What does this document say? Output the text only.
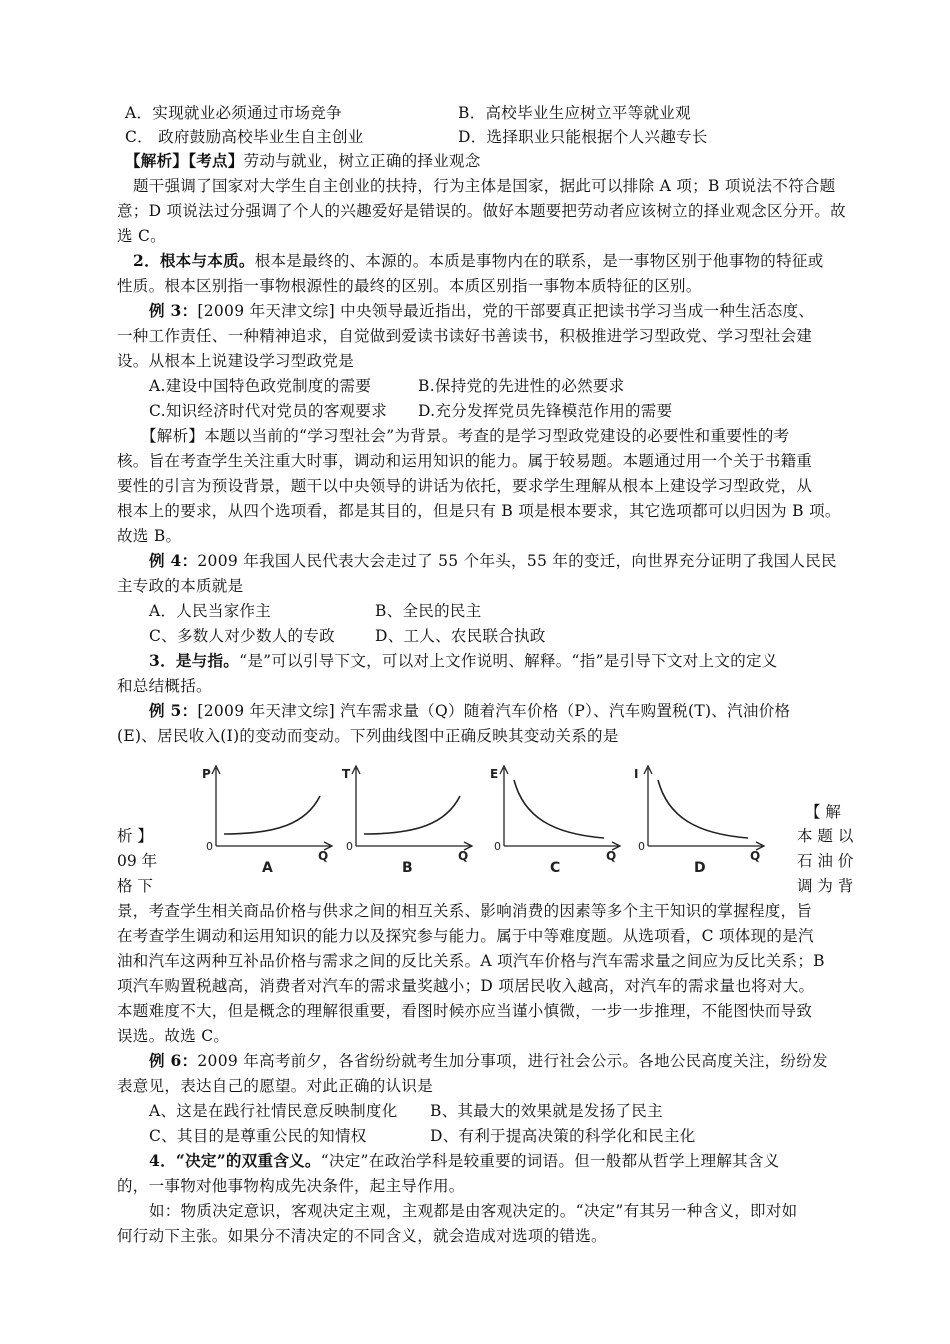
A．实现就业必须通过市场竞争	B．高校毕业生应树立平等就业观
C． 政府鼓励高校毕业生自主创业	D．选择职业只能根据个人兴趣专长
【解析】【考点】劳动与就业，树立正确的择业观念
题干强调了国家对大学生自主创业的扶持，行为主体是国家，据此可以排除 A 项；B 项说法不符合题
意；D 项说法过分强调了个人的兴趣爱好是错误的。做好本题要把劳动者应该树立的择业观念区分开。故
选 C。
2．根本与本质。根本是最终的、本源的。本质是事物内在的联系，是一事物区别于他事物的特征或
性质。根本区别指一事物根源性的最终的区别。本质区别指一事物本质特征的区别。
例 3：[2009 年天津文综] 中央领导最近指出，党的干部要真正把读书学习当成一种生活态度、
一种工作责任、一种精神追求，自觉做到爱读书读好书善读书，积极推进学习型政党、学习型社会建
设。从根本上说建设学习型政党是
A.建设中国特色政党制度的需要	B.保持党的先进性的必然要求
C.知识经济时代对党员的客观要求 D.充分发挥党员先锋模范作用的需要
【解析】本题以当前的“学习型社会”为背景。考查的是学习型政党建设的必要性和重要性的考
核。旨在考查学生关注重大时事，调动和运用知识的能力。属于较易题。本题通过用一个关于书籍重
要性的引言为预设背景，题干以中央领导的讲话为依托，要求学生理解从根本上建设学习型政党，从
根本上的要求，从四个选项看，都是其目的，但是只有 B 项是根本要求，其它选项都可以归因为 B 项。
故选 B。
例 4：2009 年我国人民代表大会走过了 55 个年头，55 年的变迁，向世界充分证明了我国人民民
主专政的本质就是
A．人民当家作主	B、全民的民主
C、多数人对少数人的专政	D、工人、农民联合执政
3．是与指。“是”可以引导下文，可以对上文作说明、解释。“指”是引导下文对上文的定义
和总结概括。
例 5：[2009 年天津文综] 汽车需求量（Q）随着汽车价格（P）、汽车购置税(T)、汽油价格
(E)、居民收入(I)的变动而变动。下列曲线图中正确反映其变动关系的是
P
Q
0
A
T
Q
0
B
E
Q
0
C
I
Q
0
D
【 解
析 】	本 题 以
09 年	石 油 价
格 下	调 为 背
景，考查学生相关商品价格与供求之间的相互关系、影响消费的因素等多个主干知识的掌握程度，旨
在考查学生调动和运用知识的能力以及探究参与能力。属于中等难度题。从选项看，C 项体现的是汽
油和汽车这两种互补品价格与需求之间的反比关系。A 项汽车价格与汽车需求量之间应为反比关系；B
项汽车购置税越高，消费者对汽车的需求量奖越小；D 项居民收入越高，对汽车的需求量也将对大。
本题难度不大，但是概念的理解很重要，看图时候亦应当谨小慎微，一步一步推理，不能图快而导致
误选。故选 C。
例 6：2009 年高考前夕，各省纷纷就考生加分事项，进行社会公示。各地公民高度关注，纷纷发
表意见，表达自己的愿望。对此正确的认识是
A、这是在践行社情民意反映制度化 B、其最大的效果就是发扬了民主
C、其目的是尊重公民的知情权	D、有利于提高决策的科学化和民主化
4．“决定”的双重含义。“决定”在政治学科是较重要的词语。但一般都从哲学上理解其含义
的，一事物对他事物构成先决条件，起主导作用。
如：物质决定意识，客观决定主观，主观都是由客观决定的。“决定”有其另一种含义，即对如
何行动下主张。如果分不清决定的不同含义，就会造成对选项的错选。
